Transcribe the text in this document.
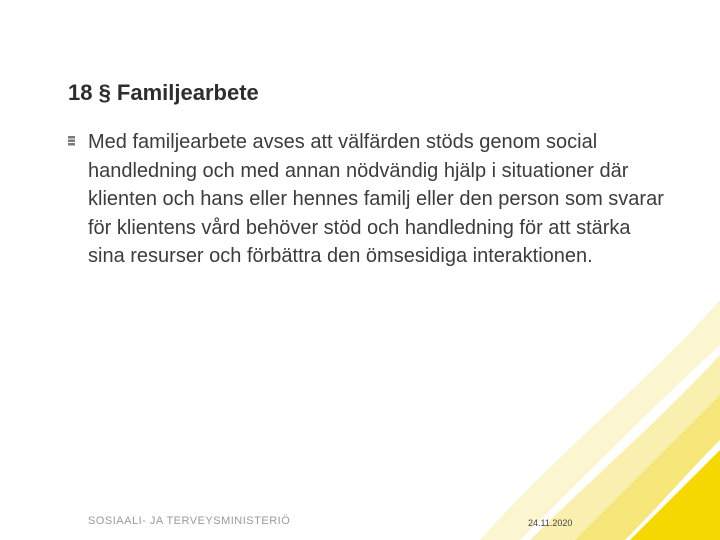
18 § Familjearbete
Med familjearbete avses att välfärden stöds genom social handledning och med annan nödvändig hjälp i situationer där klienten och hans eller hennes familj eller den person som svarar för klientens vård behöver stöd och handledning för att stärka sina resurser och förbättra den ömsesidiga interaktionen.
SOSIAALI- JA TERVEYSMINISTERIÖ	24.11.2020
